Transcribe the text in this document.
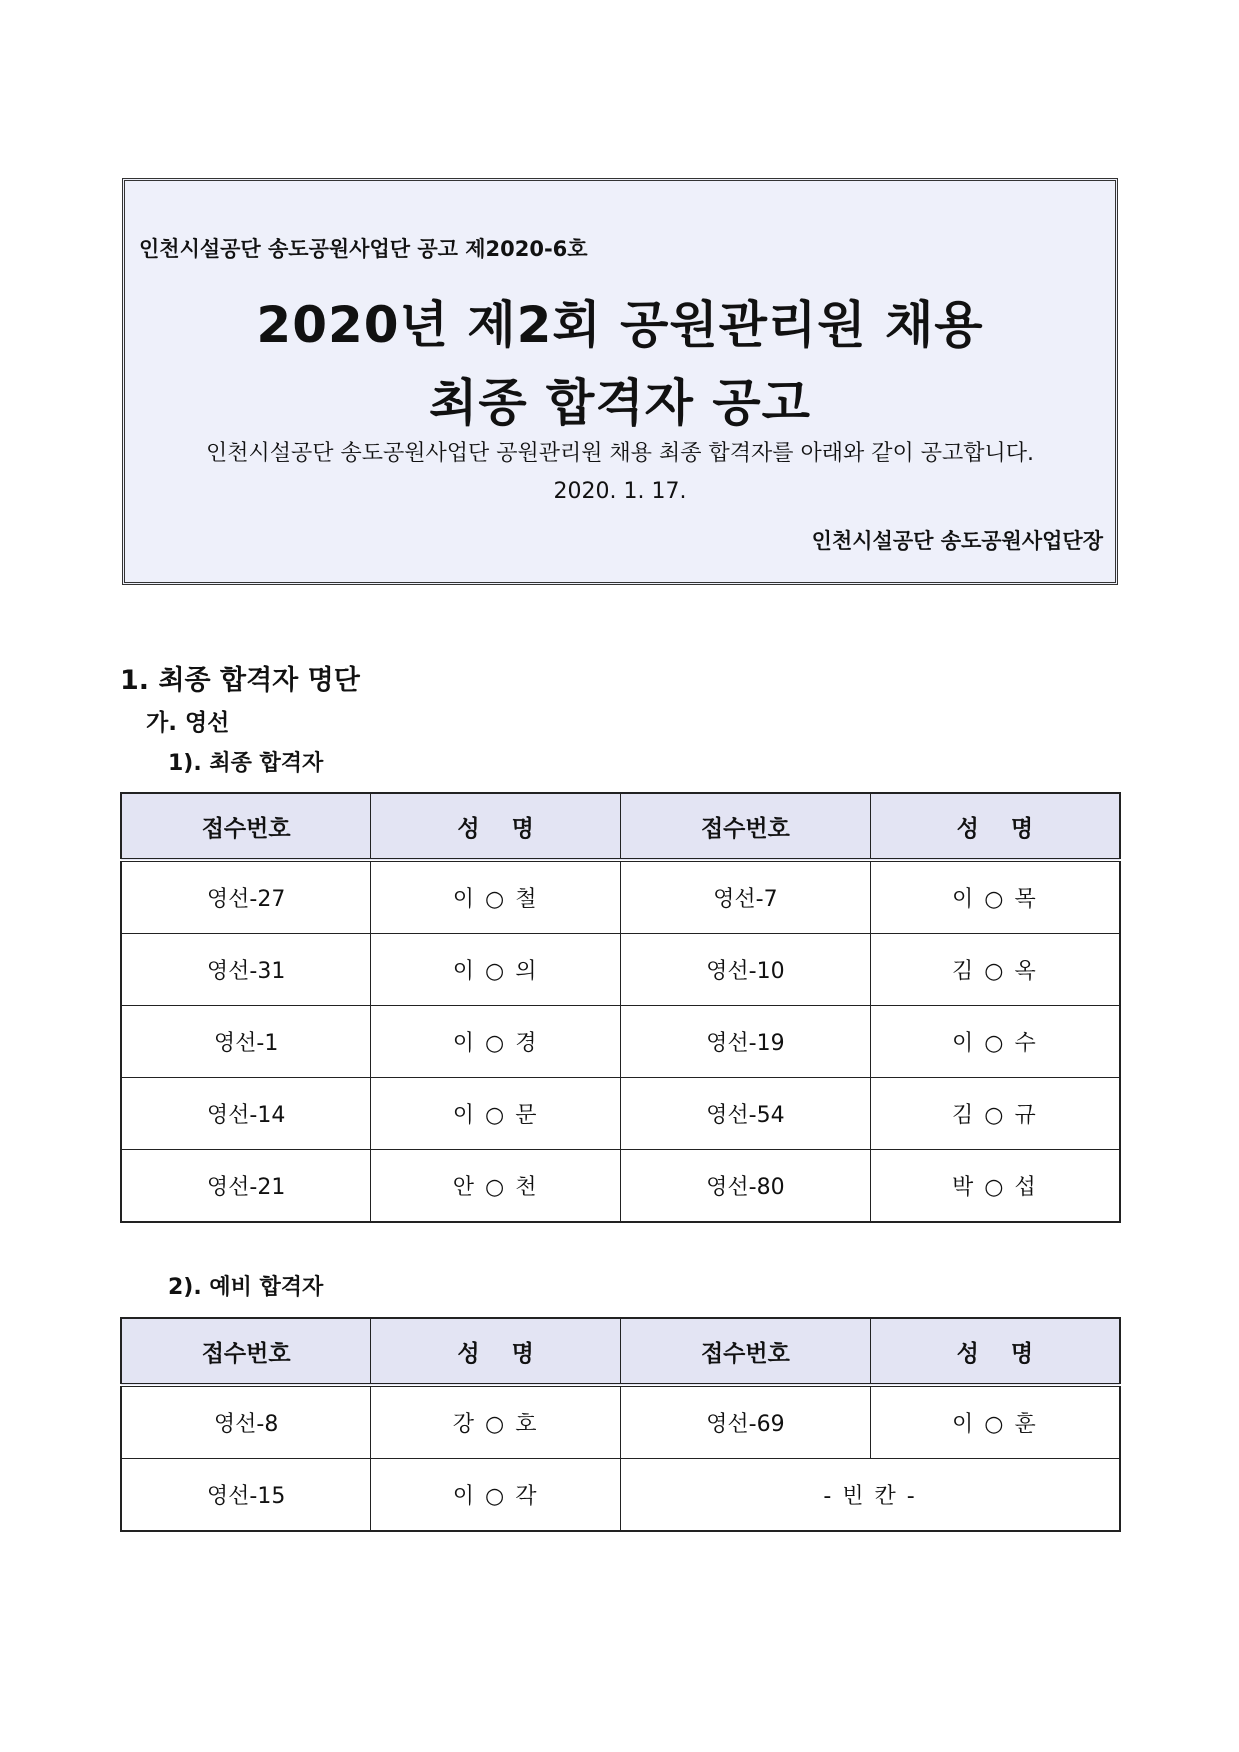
인천시설공단 송도공원사업단 공고 제2020-6호
2020년 제2회 공원관리원 채용
최종 합격자 공고
인천시설공단 송도공원사업단 공원관리원 채용 최종 합격자를 아래와 같이 공고합니다.
2020. 1. 17.
인천시설공단 송도공원사업단장
1. 최종 합격자 명단
가. 영선
1). 최종 합격자
접수번호	성    명	접수번호	성    명
영선-27	이 ○ 철	영선-7	이 ○ 목
영선-31	이 ○ 의	영선-10	김 ○ 옥
영선-1	이 ○ 경	영선-19	이 ○ 수
영선-14	이 ○ 문	영선-54	김 ○ 규
영선-21	안 ○ 천	영선-80	박 ○ 섭
2). 예비 합격자
접수번호	성    명	접수번호	성    명
영선-8	강 ○ 호	영선-69	이 ○ 훈
영선-15	이 ○ 각	- 빈 칸 -	
